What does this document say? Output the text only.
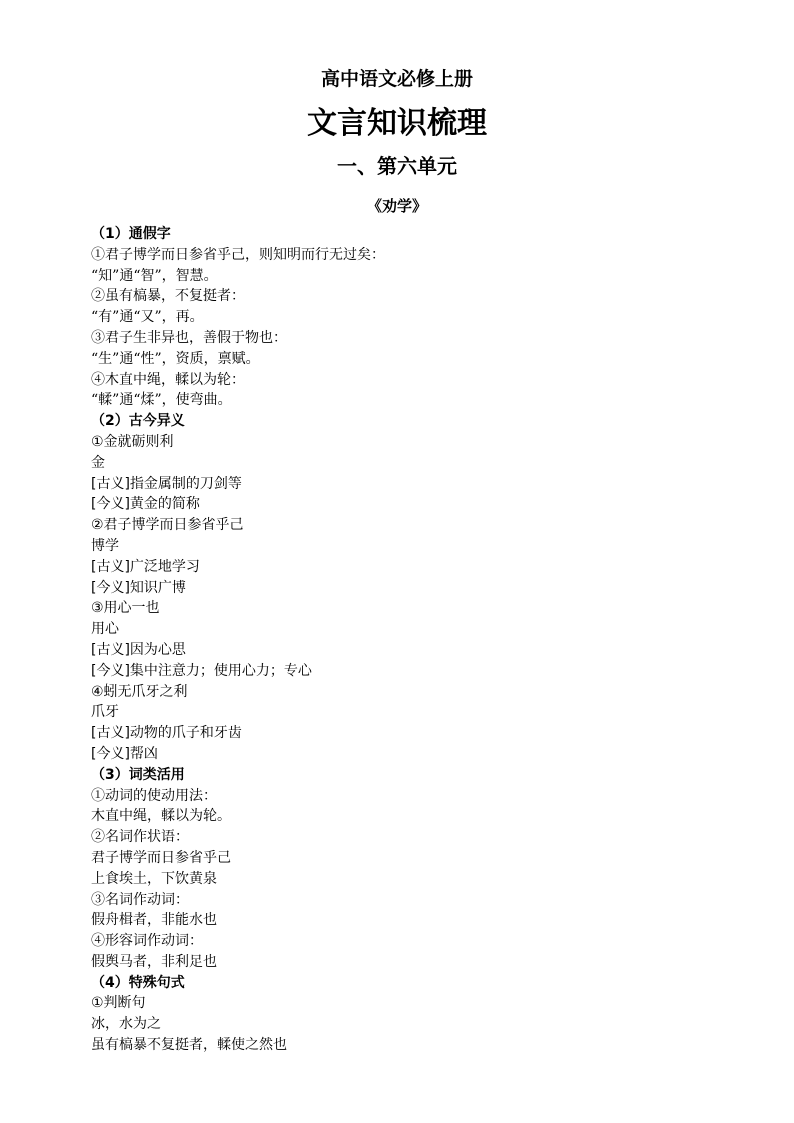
高中语文必修上册
文言知识梳理
一、第六单元
《劝学》
（1）通假字
①君子博学而日参省乎己，则知明而行无过矣：
“知”通“智”，智慧。
②虽有槁暴，不复挺者：
“有”通“又”，再。
③君子生非异也，善假于物也：
“生”通“性”，资质，禀赋。
④木直中绳，輮以为轮：
“輮”通“煣”，使弯曲。
（2）古今异义
①金就砺则利
金
[古义]指金属制的刀剑等
[今义]黄金的简称
②君子博学而日参省乎己
博学
[古义]广泛地学习
[今义]知识广博
③用心一也
用心
[古义]因为心思
[今义]集中注意力；使用心力；专心
④蚓无爪牙之利
爪牙
[古义]动物的爪子和牙齿
[今义]帮凶
（3）词类活用
①动词的使动用法：
木直中绳，輮以为轮。
②名词作状语：
君子博学而日参省乎己
上食埃土，下饮黄泉
③名词作动词：
假舟楫者，非能水也
④形容词作动词：
假舆马者，非利足也
（4）特殊句式
①判断句
冰，水为之
虽有槁暴不复挺者，輮使之然也
